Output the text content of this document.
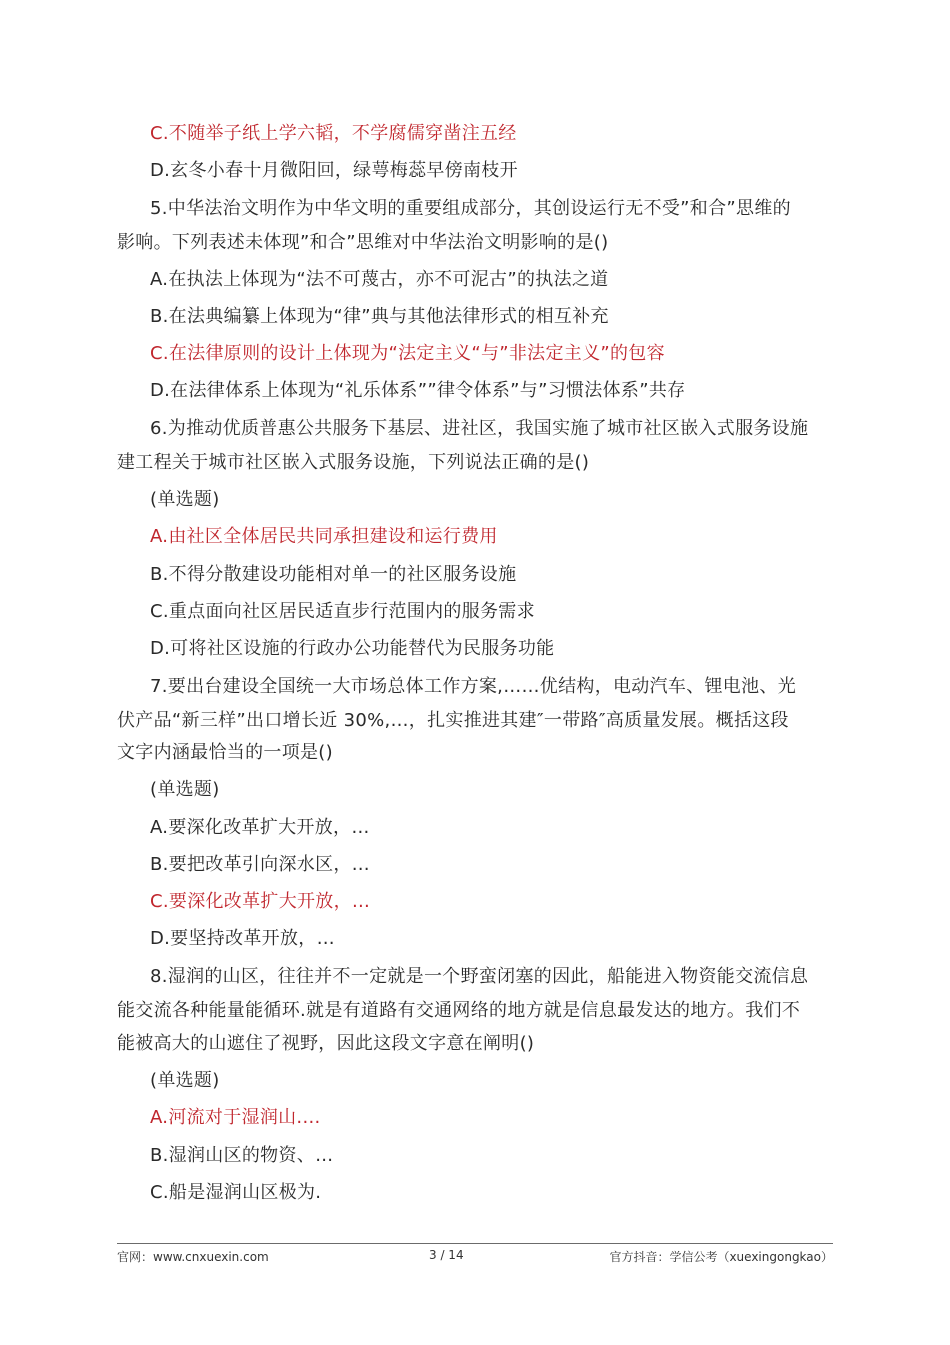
C.不随举子纸上学六韬，不学腐儒穿凿注五经
D.玄冬小春十月微阳回，绿萼梅蕊早傍南枝开
5.中华法治文明作为中华文明的重要组成部分，其创设运行无不受”和合”思维的
影响。下列表述未体现”和合”思维对中华法治文明影响的是()
A.在执法上体现为“法不可蔑古，亦不可泥古”的执法之道
B.在法典编纂上体现为“律”典与其他法律形式的相互补充
C.在法律原则的设计上体现为“法定主义“与”非法定主义”的包容
D.在法律体系上体现为“礼乐体系””律令体系”与”习惯法体系”共存
6.为推动优质普惠公共服务下基层、进社区，我国实施了城市社区嵌入式服务设施
建工程关于城市社区嵌入式服务设施，下列说法正确的是()
(单选题)
A.由社区全体居民共同承担建设和运行费用
B.不得分散建设功能相对单一的社区服务设施
C.重点面向社区居民适直步行范围内的服务需求
D.可将社区设施的行政办公功能替代为民服务功能
7.要出台建设全国统一大市场总体工作方案,……优结构，电动汽车、锂电池、光
伏产品“新三样”出口增长近 30%,…，扎实推进其建″一带路″高质量发展。概括这段
文字内涵最恰当的一项是()
(单选题)
A.要深化改革扩大开放，…
B.要把改革引向深水区，…
C.要深化改革扩大开放，…
D.要坚持改革开放，…
8.湿润的山区，往往并不一定就是一个野蛮闭塞的因此，船能进入物资能交流信息
能交流各种能量能循环.就是有道路有交通网络的地方就是信息最发达的地方。我们不
能被高大的山遮住了视野，因此这段文字意在阐明()
(单选题)
A.河流对于湿润山....
B.湿润山区的物资、…
C.船是湿润山区极为.
官网：www.cnxuexin.com	3 / 14	官方抖音：学信公考（xuexingongkao）
